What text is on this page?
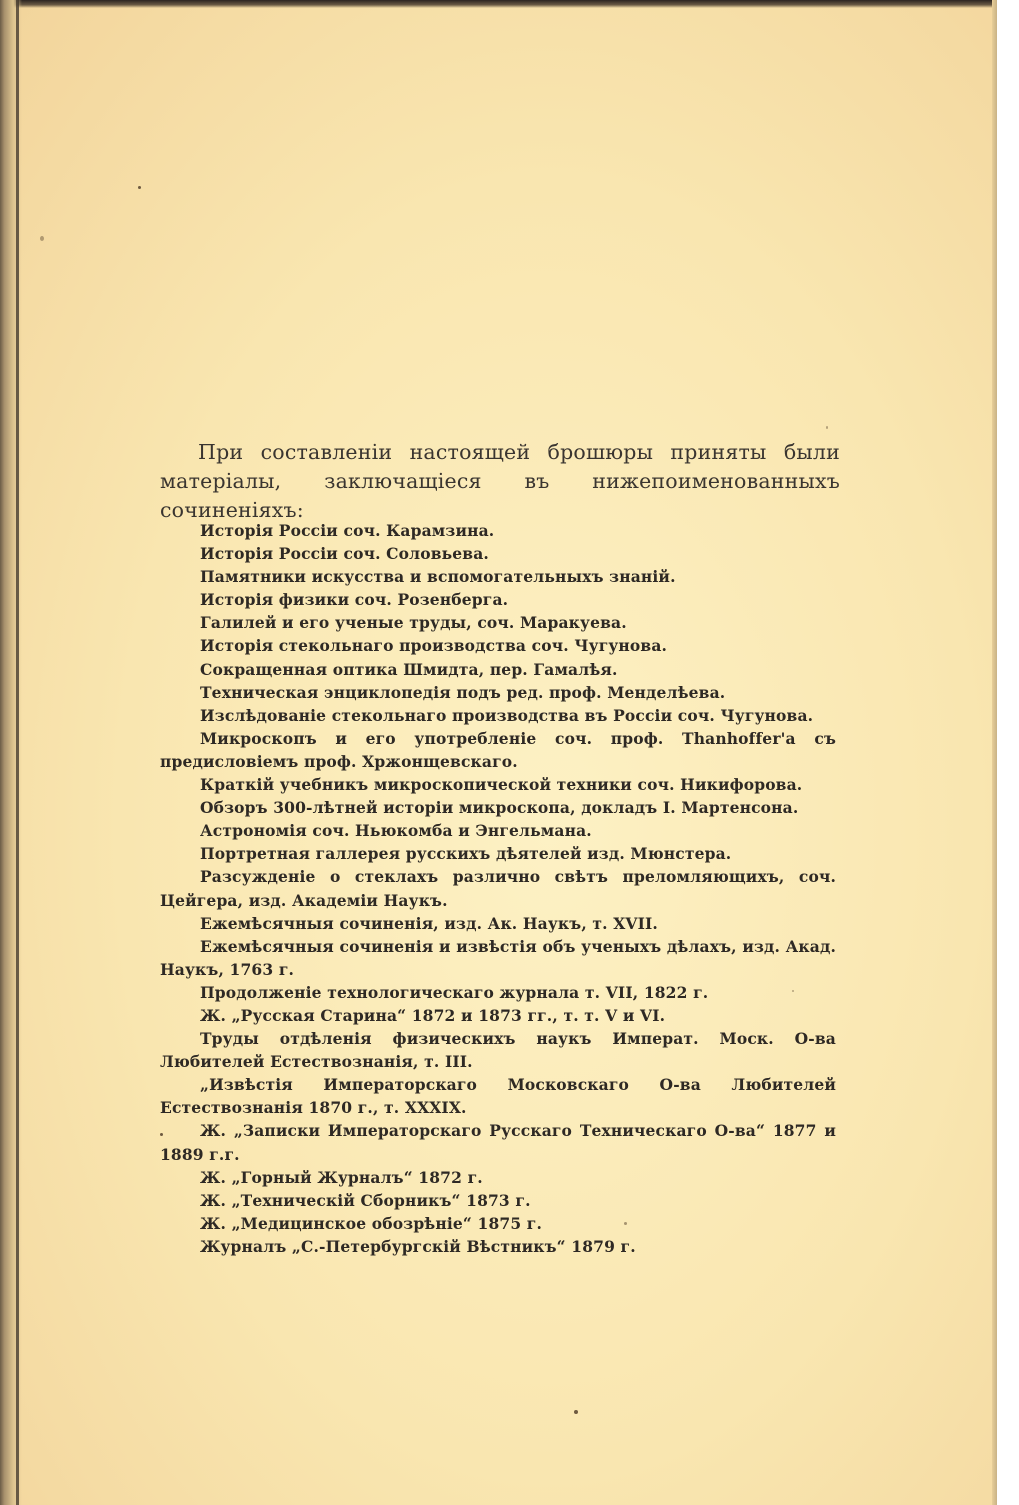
При составленіи настоящей брошюры приняты были матеріалы, заключащіеся въ нижепоименованныхъ сочиненіяхъ:

Исторія Россіи соч. Карамзина.
Исторія Россіи соч. Соловьева.
Памятники искусства и вспомогательныхъ знаній.
Исторія физики соч. Розенберга.
Галилей и его ученые труды, соч. Маракуева.
Исторія стекольнаго производства соч. Чугунова.
Сокращенная оптика Шмидта, пер. Гамалѣя.
Техническая энциклопедія подъ ред. проф. Менделѣева.
Изслѣдованіе стекольнаго производства въ Россіи соч. Чугунова.
Микроскопъ и его употребленіе соч. проф. Thanhoffer'a съ предисловіемъ проф. Хржонщевскаго.
Краткій учебникъ микроскопической техники соч. Никифорова.
Обзоръ 300-лѣтней исторіи микроскопа, докладъ I. Мартенсона.
Астрономія соч. Ньюкомба и Энгельмана.
Портретная галлерея русскихъ дѣятелей изд. Мюнстера.
Разсужденіе о стеклахъ различно свѣтъ преломляющихъ, соч. Цейгера, изд. Академіи Наукъ.
Ежемѣсячныя сочиненія, изд. Ак. Наукъ, т. XVII.
Ежемѣсячныя сочиненія и извѣстія объ ученыхъ дѣлахъ, изд. Акад. Наукъ, 1763 г.
Продолженіе технологическаго журнала т. VII, 1822 г.
Ж. „Русская Старина“ 1872 и 1873 гг., т. т. V и VI.
Труды отдѣленія физическихъ наукъ Императ. Моск. О-ва Любителей Естествознанія, т. III.
„Извѣстія Императорскаго Московскаго О-ва Любителей Естествознанія 1870 г., т. XXXIX.
Ж. „Записки Императорскаго Русскаго Техническаго О-ва“ 1877 и 1889 г.г.
Ж. „Горный Журналъ“ 1872 г.
Ж. „Техническій Сборникъ“ 1873 г.
Ж. „Медицинское обозрѣніе“ 1875 г.
Журналъ „С.-Петербургскій Вѣстникъ“ 1879 г.
